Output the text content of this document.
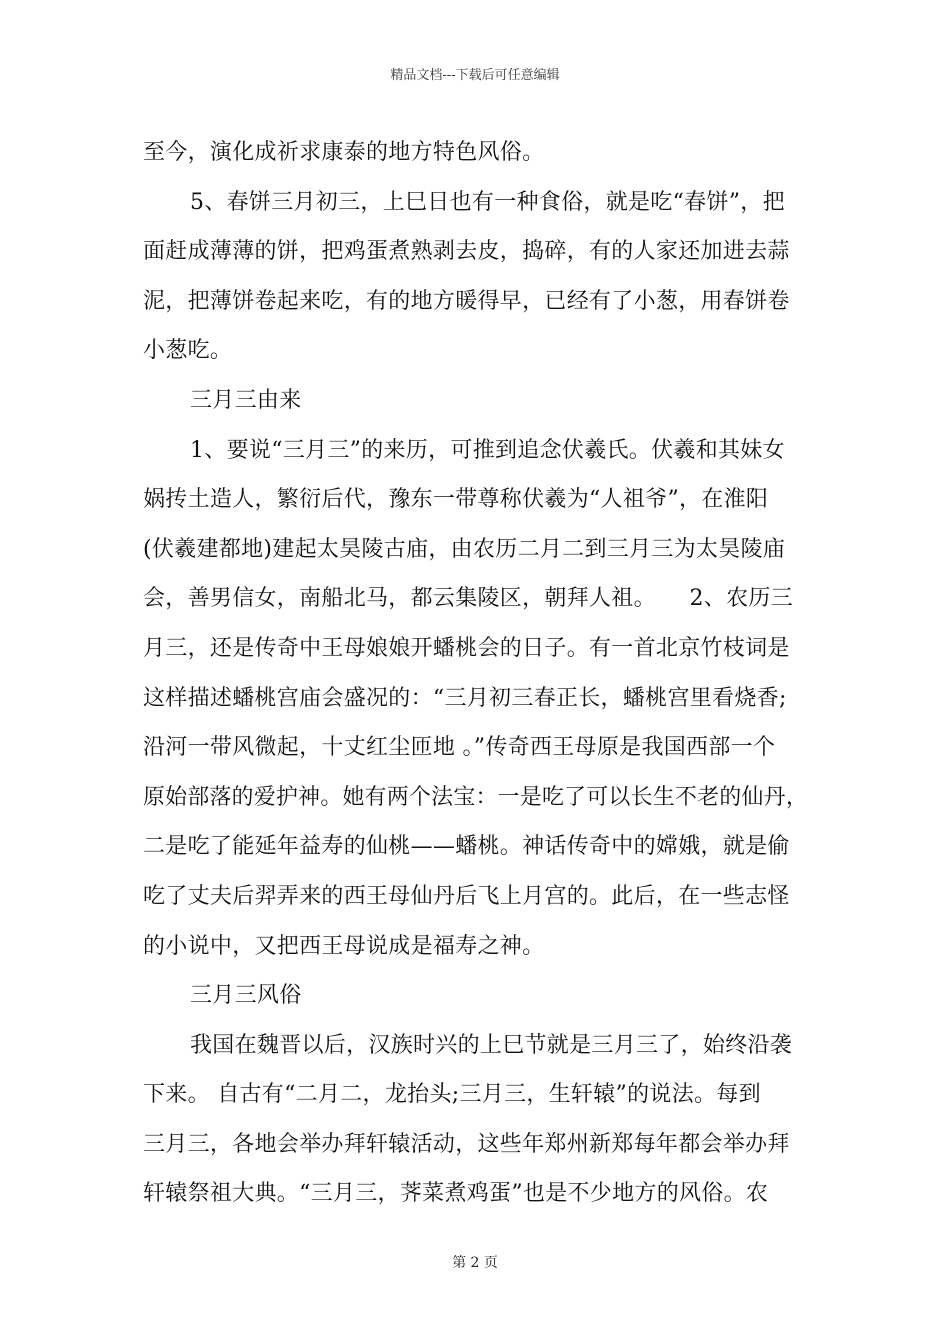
精品文档---下载后可任意编辑
至今，演化成祈求康泰的地方特色风俗。
5、春饼三月初三，上巳日也有一种食俗，就是吃“春饼”，把
面赶成薄薄的饼，把鸡蛋煮熟剥去皮，捣碎，有的人家还加进去蒜
泥，把薄饼卷起来吃，有的地方暖得早，已经有了小葱，用春饼卷
小葱吃。
三月三由来
1、要说“三月三”的来历，可推到追念伏羲氏。伏羲和其妹女
娲抟土造人，繁衍后代，豫东一带尊称伏羲为“人祖爷”，在淮阳
(伏羲建都地)建起太昊陵古庙，由农历二月二到三月三为太昊陵庙
会，善男信女，南船北马，都云集陵区，朝拜人祖。　　2、农历三
月三，还是传奇中王母娘娘开蟠桃会的日子。有一首北京竹枝词是
这样描述蟠桃宫庙会盛况的：“三月初三春正长，蟠桃宫里看烧香;
沿河一带风微起，十丈红尘匝地 。”传奇西王母原是我国西部一个
原始部落的爱护神。她有两个法宝：一是吃了可以长生不老的仙丹，
二是吃了能延年益寿的仙桃——蟠桃。神话传奇中的嫦娥，就是偷
吃了丈夫后羿弄来的西王母仙丹后飞上月宫的。此后，在一些志怪
的小说中，又把西王母说成是福寿之神。
三月三风俗
我国在魏晋以后，汉族时兴的上巳节就是三月三了，始终沿袭
下来。 自古有“二月二，龙抬头;三月三，生轩辕”的说法。每到
三月三，各地会举办拜轩辕活动，这些年郑州新郑每年都会举办拜
轩辕祭祖大典。“三月三，荠菜煮鸡蛋”也是不少地方的风俗。农
第 2 页
